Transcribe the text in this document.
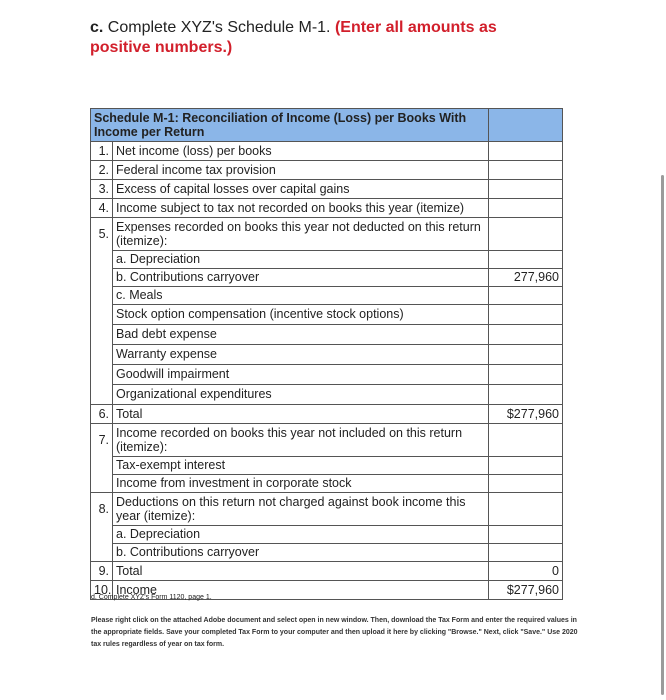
c. Complete XYZ's Schedule M-1. (Enter all amounts as positive numbers.)
Schedule M-1: Reconciliation of Income (Loss) per Books With Income per Return		
1.	Net income (loss) per books	
2.	Federal income tax provision	
3.	Excess of capital losses over capital gains	
4.	Income subject to tax not recorded on books this year (itemize)	
5.	Expenses recorded on books this year not deducted on this return (itemize):	
	a. Depreciation	
	b. Contributions carryover	277,960
	c. Meals	
	Stock option compensation (incentive stock options)	
	Bad debt expense	
	Warranty expense	
	Goodwill impairment	
	Organizational expenditures	
6.	Total	$277,960
7.	Income recorded on books this year not included on this return (itemize):	
	Tax-exempt interest	
	Income from investment in corporate stock	
8.	Deductions on this return not charged against book income this year (itemize):	
	a. Depreciation	
	b. Contributions carryover	
9.	Total	0
10.	Income	$277,960
d. Complete XYZ's Form 1120, page 1.
Please right click on the attached Adobe document and select open in new window. Then, download the Tax Form and enter the required values in the appropriate fields. Save your completed Tax Form to your computer and then upload it here by clicking "Browse." Next, click "Save." Use 2020 tax rules regardless of year on tax form.
